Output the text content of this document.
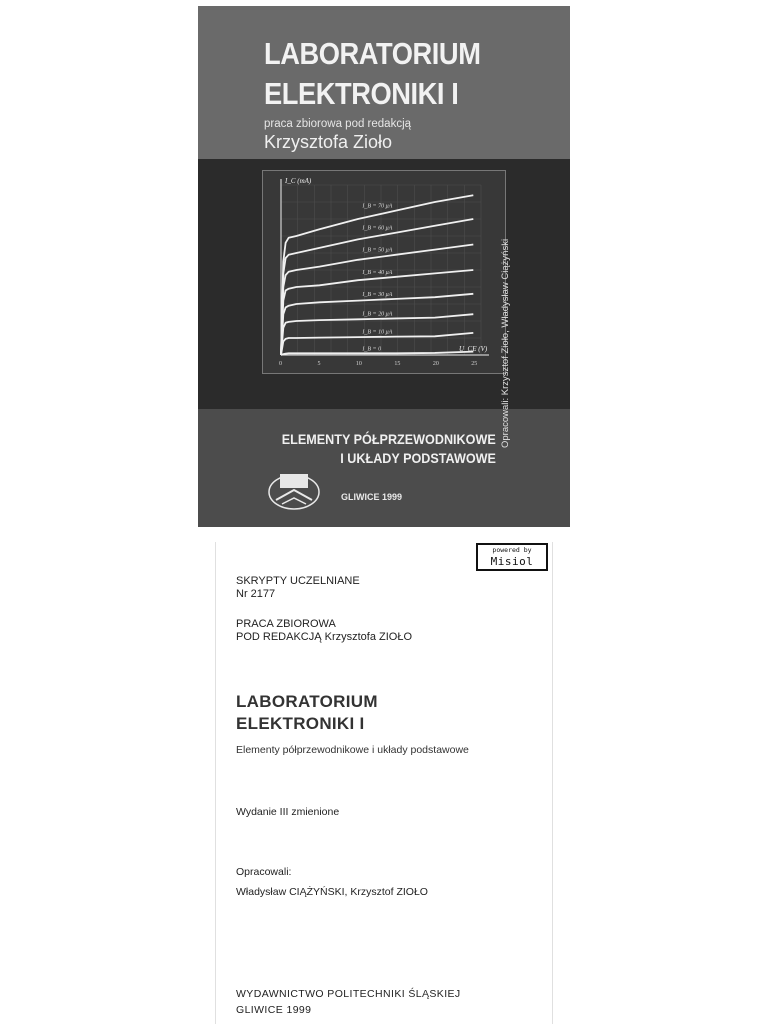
LABORATORIUM
ELEKTRONIKI I
praca zbiorowa pod redakcją
Krzysztofa Zioło
I_C (mA)
U_CE (V)
0	5	10	15	20	25
I_B = 70 μA
I_B = 60 μA
I_B = 50 μA
I_B = 40 μA
I_B = 30 μA
I_B = 20 μA
I_B = 10 μA
I_B = 0
ELEMENTY PÓŁPRZEWODNIKOWE
I UKŁADY PODSTAWOWE
Opracowali: Krzysztof Zioło, Władysław Ciążyński
GLIWICE 1999
SKRYPTY UCZELNIANE
Nr 2177
PRACA ZBIOROWA
POD REDAKCJĄ Krzysztofa ZIOŁO
LABORATORIUM
ELEKTRONIKI I
Elementy półprzewodnikowe i układy podstawowe
Wydanie III zmienione
Opracowali:
Władysław CIĄŻYŃSKI, Krzysztof ZIOŁO
WYDAWNICTWO POLITECHNIKI ŚLĄSKIEJ
GLIWICE 1999
powered by
Misiol
